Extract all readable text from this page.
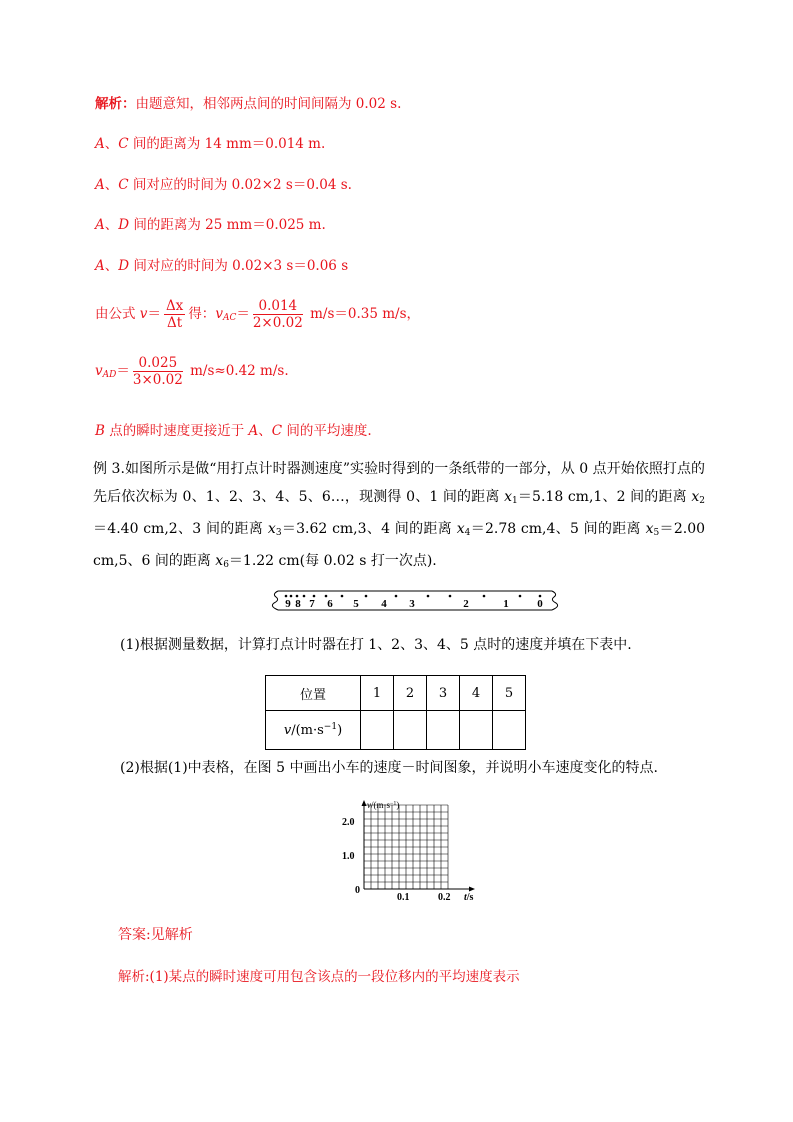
解析：由题意知，相邻两点间的时间间隔为 0.02 s.
A、C 间的距离为 14 mm＝0.014 m.
A、C 间对应的时间为 0.02×2 s＝0.04 s.
A、D 间的距离为 25 mm＝0.025 m.
A、D 间对应的时间为 0.02×3 s＝0.06 s
由公式 $v= \frac{\Delta x}{\Delta t}$ 得：$v_{AC}= \frac{0.014}{2\times 0.02} m/s=0.35$ m/s，
$v_{AD}= \frac{0.025}{3\times 0.02} m/s\approx 0.42$ m/s.
B 点的瞬时速度更接近于 A、C 间的平均速度.
例 3.如图所示是做“用打点计时器测速度”实验时得到的一条纸带的一部分，从 0 点开始依照打点的先后依次标为 0、1、2、3、4、5、6…，现测得 0、1 间的距离 $x_1=5.18$ cm,1、2 间的距离 $x_2=4.40$ cm,2、3 间的距离 $x_3=3.62$ cm,3、4 间的距离 $x_4=2.78$ cm,4、5 间的距离 $x_5=2.00$ cm,5、6 间的距离 $x_6=1.22$ cm(每 0.02 s 打一次点).
9 8 7 6 5 4 3	2	1	0
(1)根据测量数据，计算打点计时器在打 1、2、3、4、5 点时的速度并填在下表中.
位置	1	2	3	4	5
$v/(m\cdot s^{-1})$					
(2)根据(1)中表格，在图 5 中画出小车的速度－时间图象，并说明小车速度变化的特点.
2.0
1.0
0
0.1	0.2
$v/(m\cdot s^{-1})$
t/s
答案:见解析
解析:(1)某点的瞬时速度可用包含该点的一段位移内的平均速度表示
